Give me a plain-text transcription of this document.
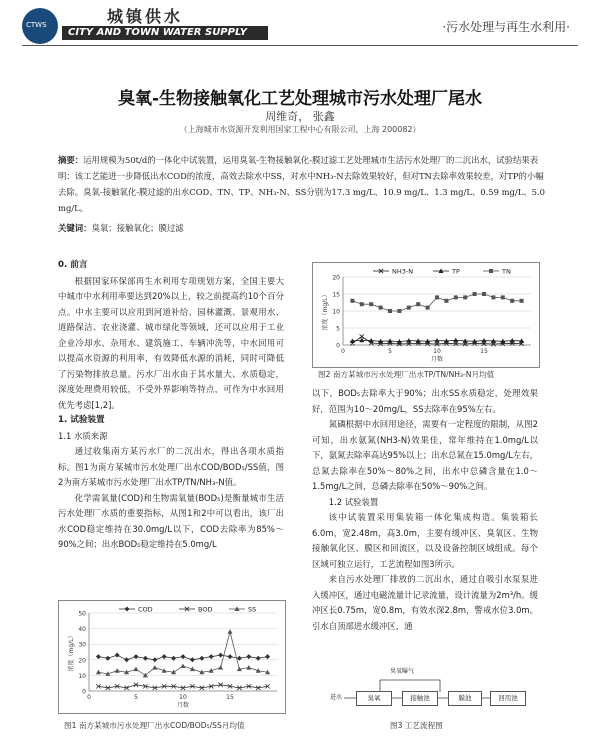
CTWS	城镇供水
CITY AND TOWN WATER SUPPLY	·污水处理与再生水利用·
臭氧-生物接触氧化工艺处理城市污水处理厂尾水
周维奇， 张鑫
（上海城市水资源开发利用国家工程中心有限公司，上海 200082）
摘要：运用规模为50t/d的一体化中试装置，运用臭氧-生物接触氧化-膜过滤工艺处理城市生活污水处理厂的二沉出水，试验结果表明：该工艺能进一步降低出水COD的浓度，高效去除水中SS，对水中NH₃-N去除效果较好，但对TN去除率效果较差，对TP的小幅去除。臭氧-接触氧化-膜过滤的出水COD、TN、TP、NH₃-N、SS分别为17.3 mg/L、10.9 mg/L、1.3 mg/L、0.59 mg/L、5.0 mg/L。
关键词：臭氧；接触氧化；膜过滤
0. 前言

根据国家环保部再生水利用专项规划方案，全国主要大中城市中水利用率要达到20%以上，较之前提高约10个百分点。中水主要可以应用到河道补给、园林灌溉、景观用水、道路保洁、农业浇灌、城市绿化等领域，还可以应用于工业企业冷却水、杂用水、建筑施工、车辆冲洗等，中水回用可以提高水资源的利用率，有效降低水源的消耗，同时可降低了污染物排放总量。污水厂出水由于其水量大、水质稳定，深度处理费用较低，不受外界影响等特点，可作为中水回用优先考虑[1,2]。

1. 试验装置
1.1 水质来源

通过收集南方某污水厂的二沉出水，得出各项水质指标。图1为南方某城市污水处理厂出水COD/BOD₅/SS值，图2为南方某城市污水处理厂出水TP/TN/NH₃-N值。

化学需氧量(COD)和生物需氧量(BOD₅)是衡量城市生活污水处理厂水质的重要指标，从图1和2中可以看出，该厂出水COD稳定维持在30.0mg/L以下，COD去除率为85%～90%之间；出水BOD₅稳定维持在5.0mg/L

0
10
20
30
40
50
0	5	10	15
月数
浓度（mg/L）
COD	BOD	SS
图1 南方某城市污水处理厂出水COD/BOD₅/SS月均值
0
5
10
15
20
0	5	10	15
月数
浓度（mg/L）
NH3-N	TP	TN
图2 南方某城市污水处理厂出水TP/TN/NH₃-N月均值

以下，BOD₅去除率大于90%；出水SS水质稳定，处理效果好，范围为10～20mg/L，SS去除率在95%左右。

氮磷根据中水回用途径，需要有一定程度的限制，从图2可知，出水氨氮(NH3-N)效果佳，常年维持在1.0mg/L以下，氨氮去除率高达95%以上；出水总氮在15.0mg/L左右，总氮去除率在50%～80%之间，出水中总磷含量在1.0～1.5mg/L之间，总磷去除率在50%～90%之间。

1.2 试验装置

该中试装置采用集装箱一体化集成构造。集装箱长6.0m，宽2.48m，高3.0m，主要有缓冲区、臭氧区、生物接触氧化区、膜区和回流区，以及设备控制区域组成。每个区域可独立运行，工艺流程如图3所示。

来自污水处理厂排放的二沉出水，通过自吸引水泵泵进入缓冲区，通过电磁流量计记录流量，设计流量为2m³/h。缓冲区长0.75m，宽0.8m，有效水深2.8m，警戒水位3.0m。引水自顶部进水缓冲区，通

进水
臭氧曝气
臭氧	接触池	膜池	回用池
图3 工艺流程图
